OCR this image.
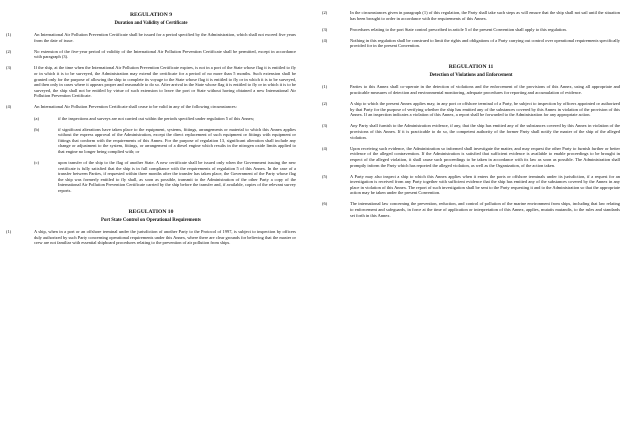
REGULATION 9
Duration and Validity of Certificate
(1)	An International Air Pollution Prevention Certificate shall be issued for a period specified by the Administration, which shall not exceed five years from the date of issue.
(2)	No extension of the five-year period of validity of the International Air Pollution Prevention Certificate shall be permitted, except in accordance with paragraph (3).
(3)	If the ship, at the time when the International Air Pollution Prevention Certificate expires, is not in a port of the State whose flag it is entitled to fly or in which it is to be surveyed, the Administration may extend the certificate for a period of no more than 5 months. Such extension shall be granted only for the purpose of allowing the ship to complete its voyage to the State whose flag it is entitled to fly or in which it is to be surveyed, and then only in cases where it appears proper and reasonable to do so. After arrival in the State whose flag it is entitled to fly or in which it is to be surveyed, the ship shall not be entitled by virtue of such extension to leave the port or State without having obtained a new International Air Pollution Prevention Certificate.
(4)	An International Air Pollution Prevention Certificate shall cease to be valid in any of the following circumstances:
(a)	if the inspections and surveys are not carried out within the periods specified under regulation 5 of this Annex;
(b)	if significant alterations have taken place to the equipment, systems, fittings, arrangements or material to which this Annex applies without the express approval of the Administration, except the direct replacement of such equipment or fittings with equipment or fittings that conform with the requirements of this Annex. For the purpose of regulation 13, significant alteration shall include any change or adjustment to the system, fittings, or arrangement of a diesel engine which results in the nitrogen oxide limits applied to that engine no longer being complied with; or
(c)	upon transfer of the ship to the flag of another State. A new certificate shall be issued only when the Government issuing the new certificate is fully satisfied that the ship is in full compliance with the requirements of regulation 5 of this Annex. In the case of a transfer between Parties, if requested within three months after the transfer has taken place, the Government of the Party whose flag the ship was formerly entitled to fly shall, as soon as possible, transmit to the Administration of the other Party a copy of the International Air Pollution Prevention Certificate carried by the ship before the transfer and, if available, copies of the relevant survey reports.
REGULATION 10
Port State Control on Operational Requirements
(1)	A ship, when in a port or an offshore terminal under the jurisdiction of another Party to the Protocol of 1997, is subject to inspection by officers duly authorized by such Party concerning operational requirements under this Annex, where there are clear grounds for believing that the master or crew are not familiar with essential shipboard procedures relating to the prevention of air pollution from ships.
(2)	In the circumstances given in paragraph (1) of this regulation, the Party shall take such steps as will ensure that the ship shall not sail until the situation has been brought to order in accordance with the requirements of this Annex.
(3)	Procedures relating to the port State control prescribed in article 5 of the present Convention shall apply to this regulation.
(4)	Nothing in this regulation shall be construed to limit the rights and obligations of a Party carrying out control over operational requirements specifically provided for in the present Convention.
REGULATION 11
Detection of Violations and Enforcement
(1)	Parties to this Annex shall co-operate in the detection of violations and the enforcement of the provisions of this Annex, using all appropriate and practicable measures of detection and environmental monitoring, adequate procedures for reporting and accumulation of evidence.
(2)	A ship to which the present Annex applies may, in any port or offshore terminal of a Party, be subject to inspection by officers appointed or authorized by that Party for the purpose of verifying whether the ship has emitted any of the substances covered by this Annex in violation of the provision of this Annex. If an inspection indicates a violation of this Annex, a report shall be forwarded to the Administration for any appropriate action.
(3)	Any Party shall furnish to the Administration evidence, if any, that the ship has emitted any of the substances covered by this Annex in violation of the provisions of this Annex. If it is practicable to do so, the competent authority of the former Party shall notify the master of the ship of the alleged violation.
(4)	Upon receiving such evidence, the Administration so informed shall investigate the matter, and may request the other Party to furnish further or better evidence of the alleged contravention. If the Administration is satisfied that sufficient evidence is available to enable proceedings to be brought in respect of the alleged violation, it shall cause such proceedings to be taken in accordance with its law as soon as possible. The Administration shall promptly inform the Party which has reported the alleged violation, as well as the Organization, of the action taken.
(5)	A Party may also inspect a ship to which this Annex applies when it enters the ports or offshore terminals under its jurisdiction, if a request for an investigation is received from any Party together with sufficient evidence that the ship has emitted any of the substances covered by the Annex in any place in violation of this Annex. The report of such investigation shall be sent to the Party requesting it and to the Administration so that the appropriate action may be taken under the present Convention.
(6)	The international law concerning the prevention, reduction, and control of pollution of the marine environment from ships, including that law relating to enforcement and safeguards, in force at the time of application or interpretation of this Annex, applies, mutatis mutandis, to the rules and standards set forth in this Annex.
